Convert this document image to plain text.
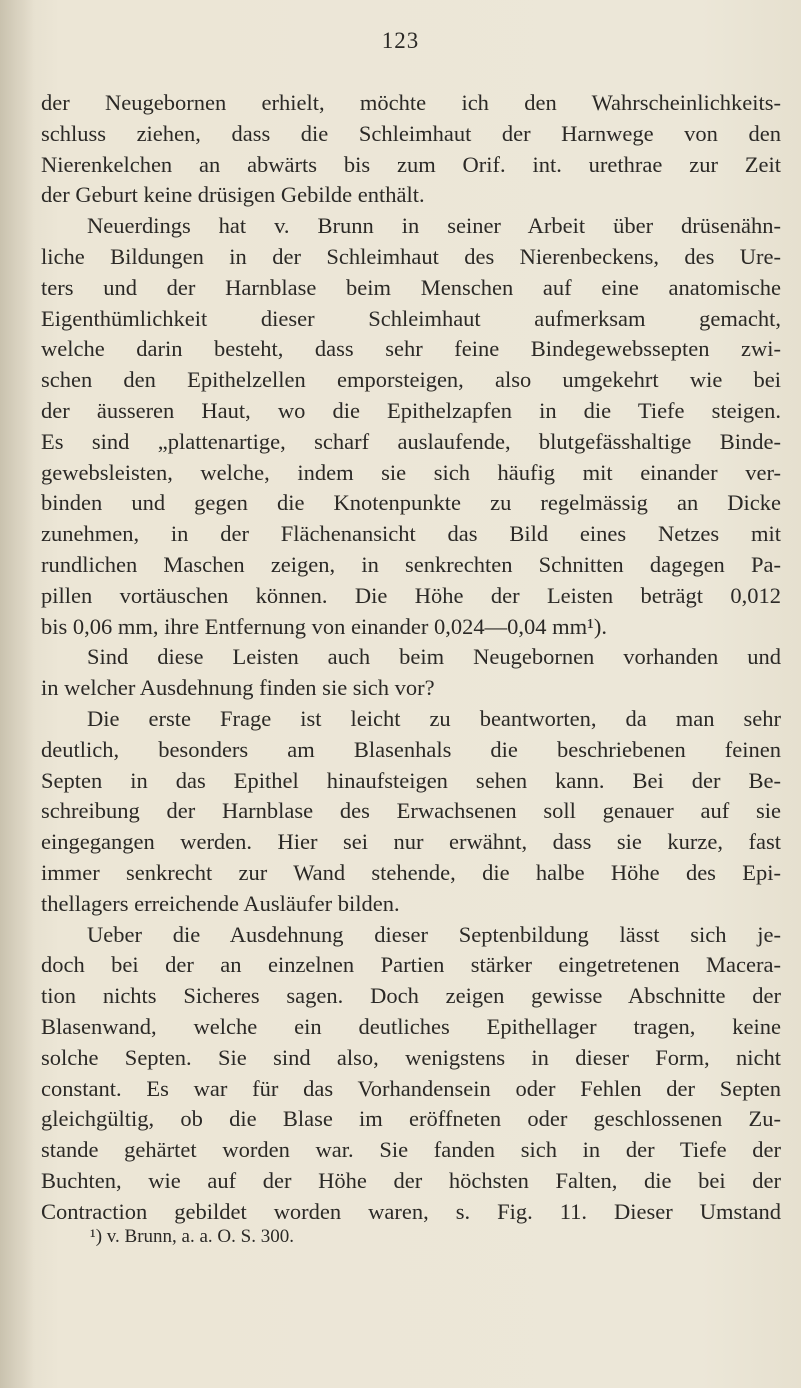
123
der Neugebornen erhielt, möchte ich den Wahrscheinlichkeits-
schluss ziehen, dass die Schleimhaut der Harnwege von den
Nierenkelchen an abwärts bis zum Orif. int. urethrae zur Zeit
der Geburt keine drüsigen Gebilde enthält.
Neuerdings hat v. Brunn in seiner Arbeit über drüsenähn-
liche Bildungen in der Schleimhaut des Nierenbeckens, des Ure-
ters und der Harnblase beim Menschen auf eine anatomische
Eigenthümlichkeit dieser Schleimhaut aufmerksam gemacht,
welche darin besteht, dass sehr feine Bindegewebssepten zwi-
schen den Epithelzellen emporsteigen, also umgekehrt wie bei
der äusseren Haut, wo die Epithelzapfen in die Tiefe steigen.
Es sind „plattenartige, scharf auslaufende, blutgefässhaltige Binde-
gewebsleisten, welche, indem sie sich häufig mit einander ver-
binden und gegen die Knotenpunkte zu regelmässig an Dicke
zunehmen, in der Flächenansicht das Bild eines Netzes mit
rundlichen Maschen zeigen, in senkrechten Schnitten dagegen Pa-
pillen vortäuschen können. Die Höhe der Leisten beträgt 0,012
bis 0,06 mm, ihre Entfernung von einander 0,024—0,04 mm¹).
Sind diese Leisten auch beim Neugebornen vorhanden und
in welcher Ausdehnung finden sie sich vor?
Die erste Frage ist leicht zu beantworten, da man sehr
deutlich, besonders am Blasenhals die beschriebenen feinen
Septen in das Epithel hinaufsteigen sehen kann. Bei der Be-
schreibung der Harnblase des Erwachsenen soll genauer auf sie
eingegangen werden. Hier sei nur erwähnt, dass sie kurze, fast
immer senkrecht zur Wand stehende, die halbe Höhe des Epi-
thellagers erreichende Ausläufer bilden.
Ueber die Ausdehnung dieser Septenbildung lässt sich je-
doch bei der an einzelnen Partien stärker eingetretenen Macera-
tion nichts Sicheres sagen. Doch zeigen gewisse Abschnitte der
Blasenwand, welche ein deutliches Epithellager tragen, keine
solche Septen. Sie sind also, wenigstens in dieser Form, nicht
constant. Es war für das Vorhandensein oder Fehlen der Septen
gleichgültig, ob die Blase im eröffneten oder geschlossenen Zu-
stande gehärtet worden war. Sie fanden sich in der Tiefe der
Buchten, wie auf der Höhe der höchsten Falten, die bei der
Contraction gebildet worden waren, s. Fig. 11. Dieser Umstand
¹) v. Brunn, a. a. O. S. 300.
